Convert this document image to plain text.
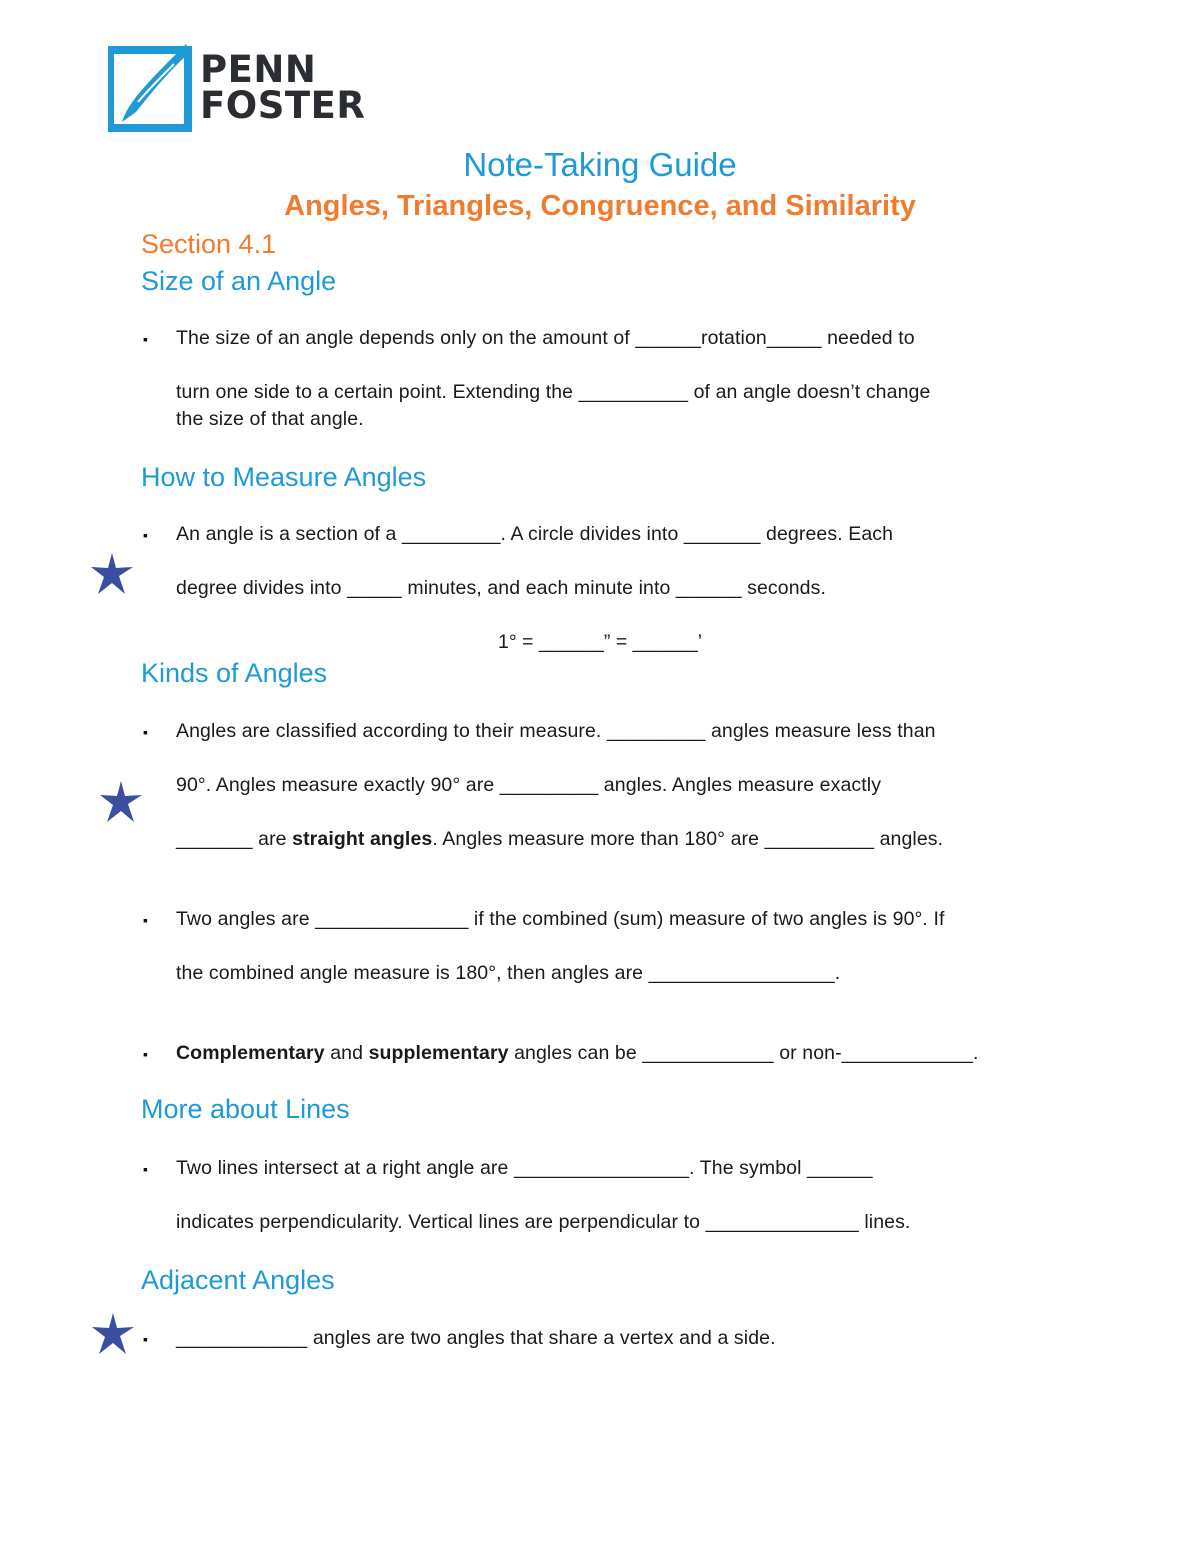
PENN
FOSTER
Note-Taking Guide
Angles, Triangles, Congruence, and Similarity
Section 4.1
Size of an Angle
▪ The size of an angle depends only on the amount of ______rotation_____ needed to
turn one side to a certain point. Extending the __________ of an angle doesn’t change
the size of that angle.
How to Measure Angles
▪ An angle is a section of a _________. A circle divides into _______ degrees. Each
degree divides into _____ minutes, and each minute into ______ seconds.
1° = ______” = ______’
Kinds of Angles
▪ Angles are classified according to their measure. _________ angles measure less than
90°. Angles measure exactly 90° are _________ angles. Angles measure exactly
_______ are straight angles. Angles measure more than 180° are __________ angles.
▪ Two angles are ______________ if the combined (sum) measure of two angles is 90°. If
the combined angle measure is 180°, then angles are _________________.
▪ Complementary and supplementary angles can be ____________ or non-____________.
More about Lines
▪ Two lines intersect at a right angle are ________________. The symbol ______
indicates perpendicularity. Vertical lines are perpendicular to ______________ lines.
Adjacent Angles
▪ ____________ angles are two angles that share a vertex and a side.
